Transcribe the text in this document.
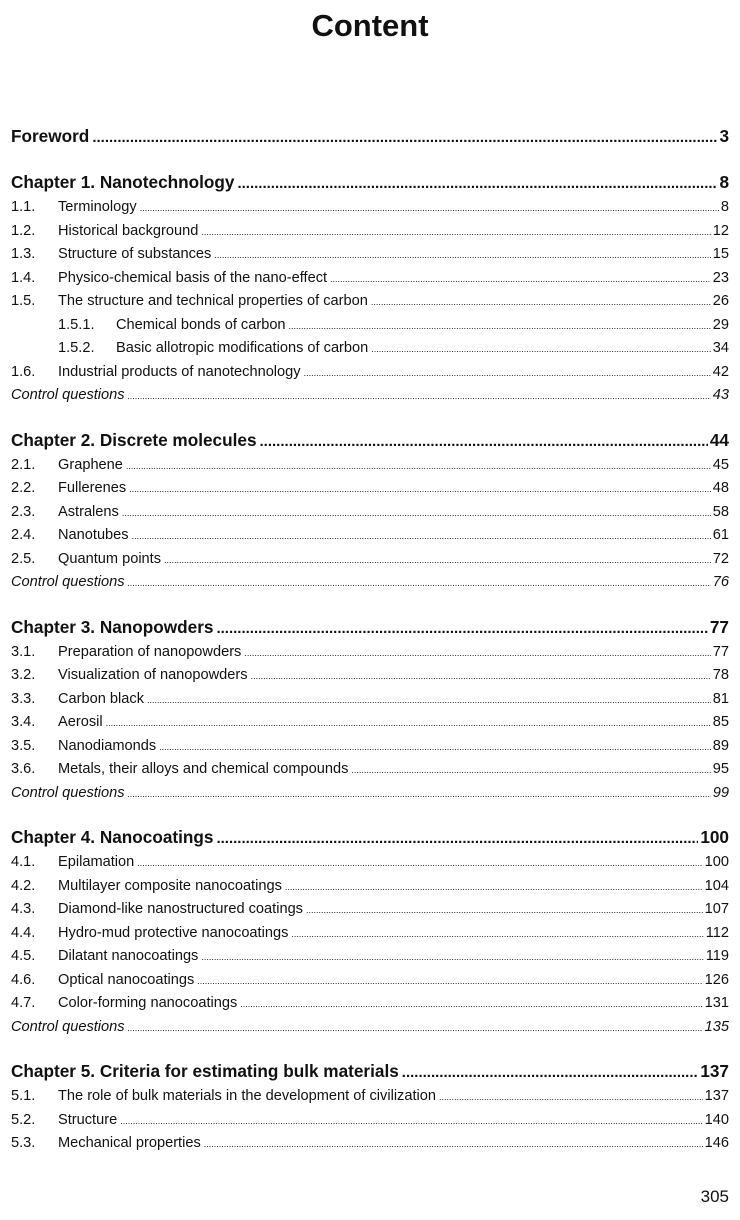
Content
Foreword .....	3
Chapter 1. Nanotechnology .....	8
1.1.	Terminology .....	8
1.2.	Historical background .....	12
1.3.	Structure of substances .....	15
1.4.	Physico-chemical basis of the nano-effect .....	23
1.5.	The structure and technical properties of carbon .....	26
1.5.1.	Chemical bonds of carbon .....	29
1.5.2.	Basic allotropic modifications of carbon .....	34
1.6.	Industrial products of nanotechnology .....	42
Control questions .....	43
Chapter 2. Discrete molecules .....	44
2.1.	Graphene .....	45
2.2.	Fullerenes .....	48
2.3.	Astralens .....	58
2.4.	Nanotubes .....	61
2.5.	Quantum points .....	72
Control questions .....	76
Chapter 3. Nanopowders .....	77
3.1.	Preparation of nanopowders .....	77
3.2.	Visualization of nanopowders .....	78
3.3.	Carbon black .....	81
3.4.	Aerosil .....	85
3.5.	Nanodiamonds .....	89
3.6.	Metals, their alloys and chemical compounds .....	95
Control questions .....	99
Chapter 4. Nanocoatings .....	100
4.1.	Epilamation .....	100
4.2.	Multilayer composite nanocoatings .....	104
4.3.	Diamond-like nanostructured coatings .....	107
4.4.	Hydro-mud protective nanocoatings .....	112
4.5.	Dilatant nanocoatings .....	119
4.6.	Optical nanocoatings .....	126
4.7.	Color-forming nanocoatings .....	131
Control questions .....	135
Chapter 5. Criteria for estimating bulk materials .....	137
5.1.	The role of bulk materials in the development of civilization .....	137
5.2.	Structure .....	140
5.3.	Mechanical properties .....	146
305
